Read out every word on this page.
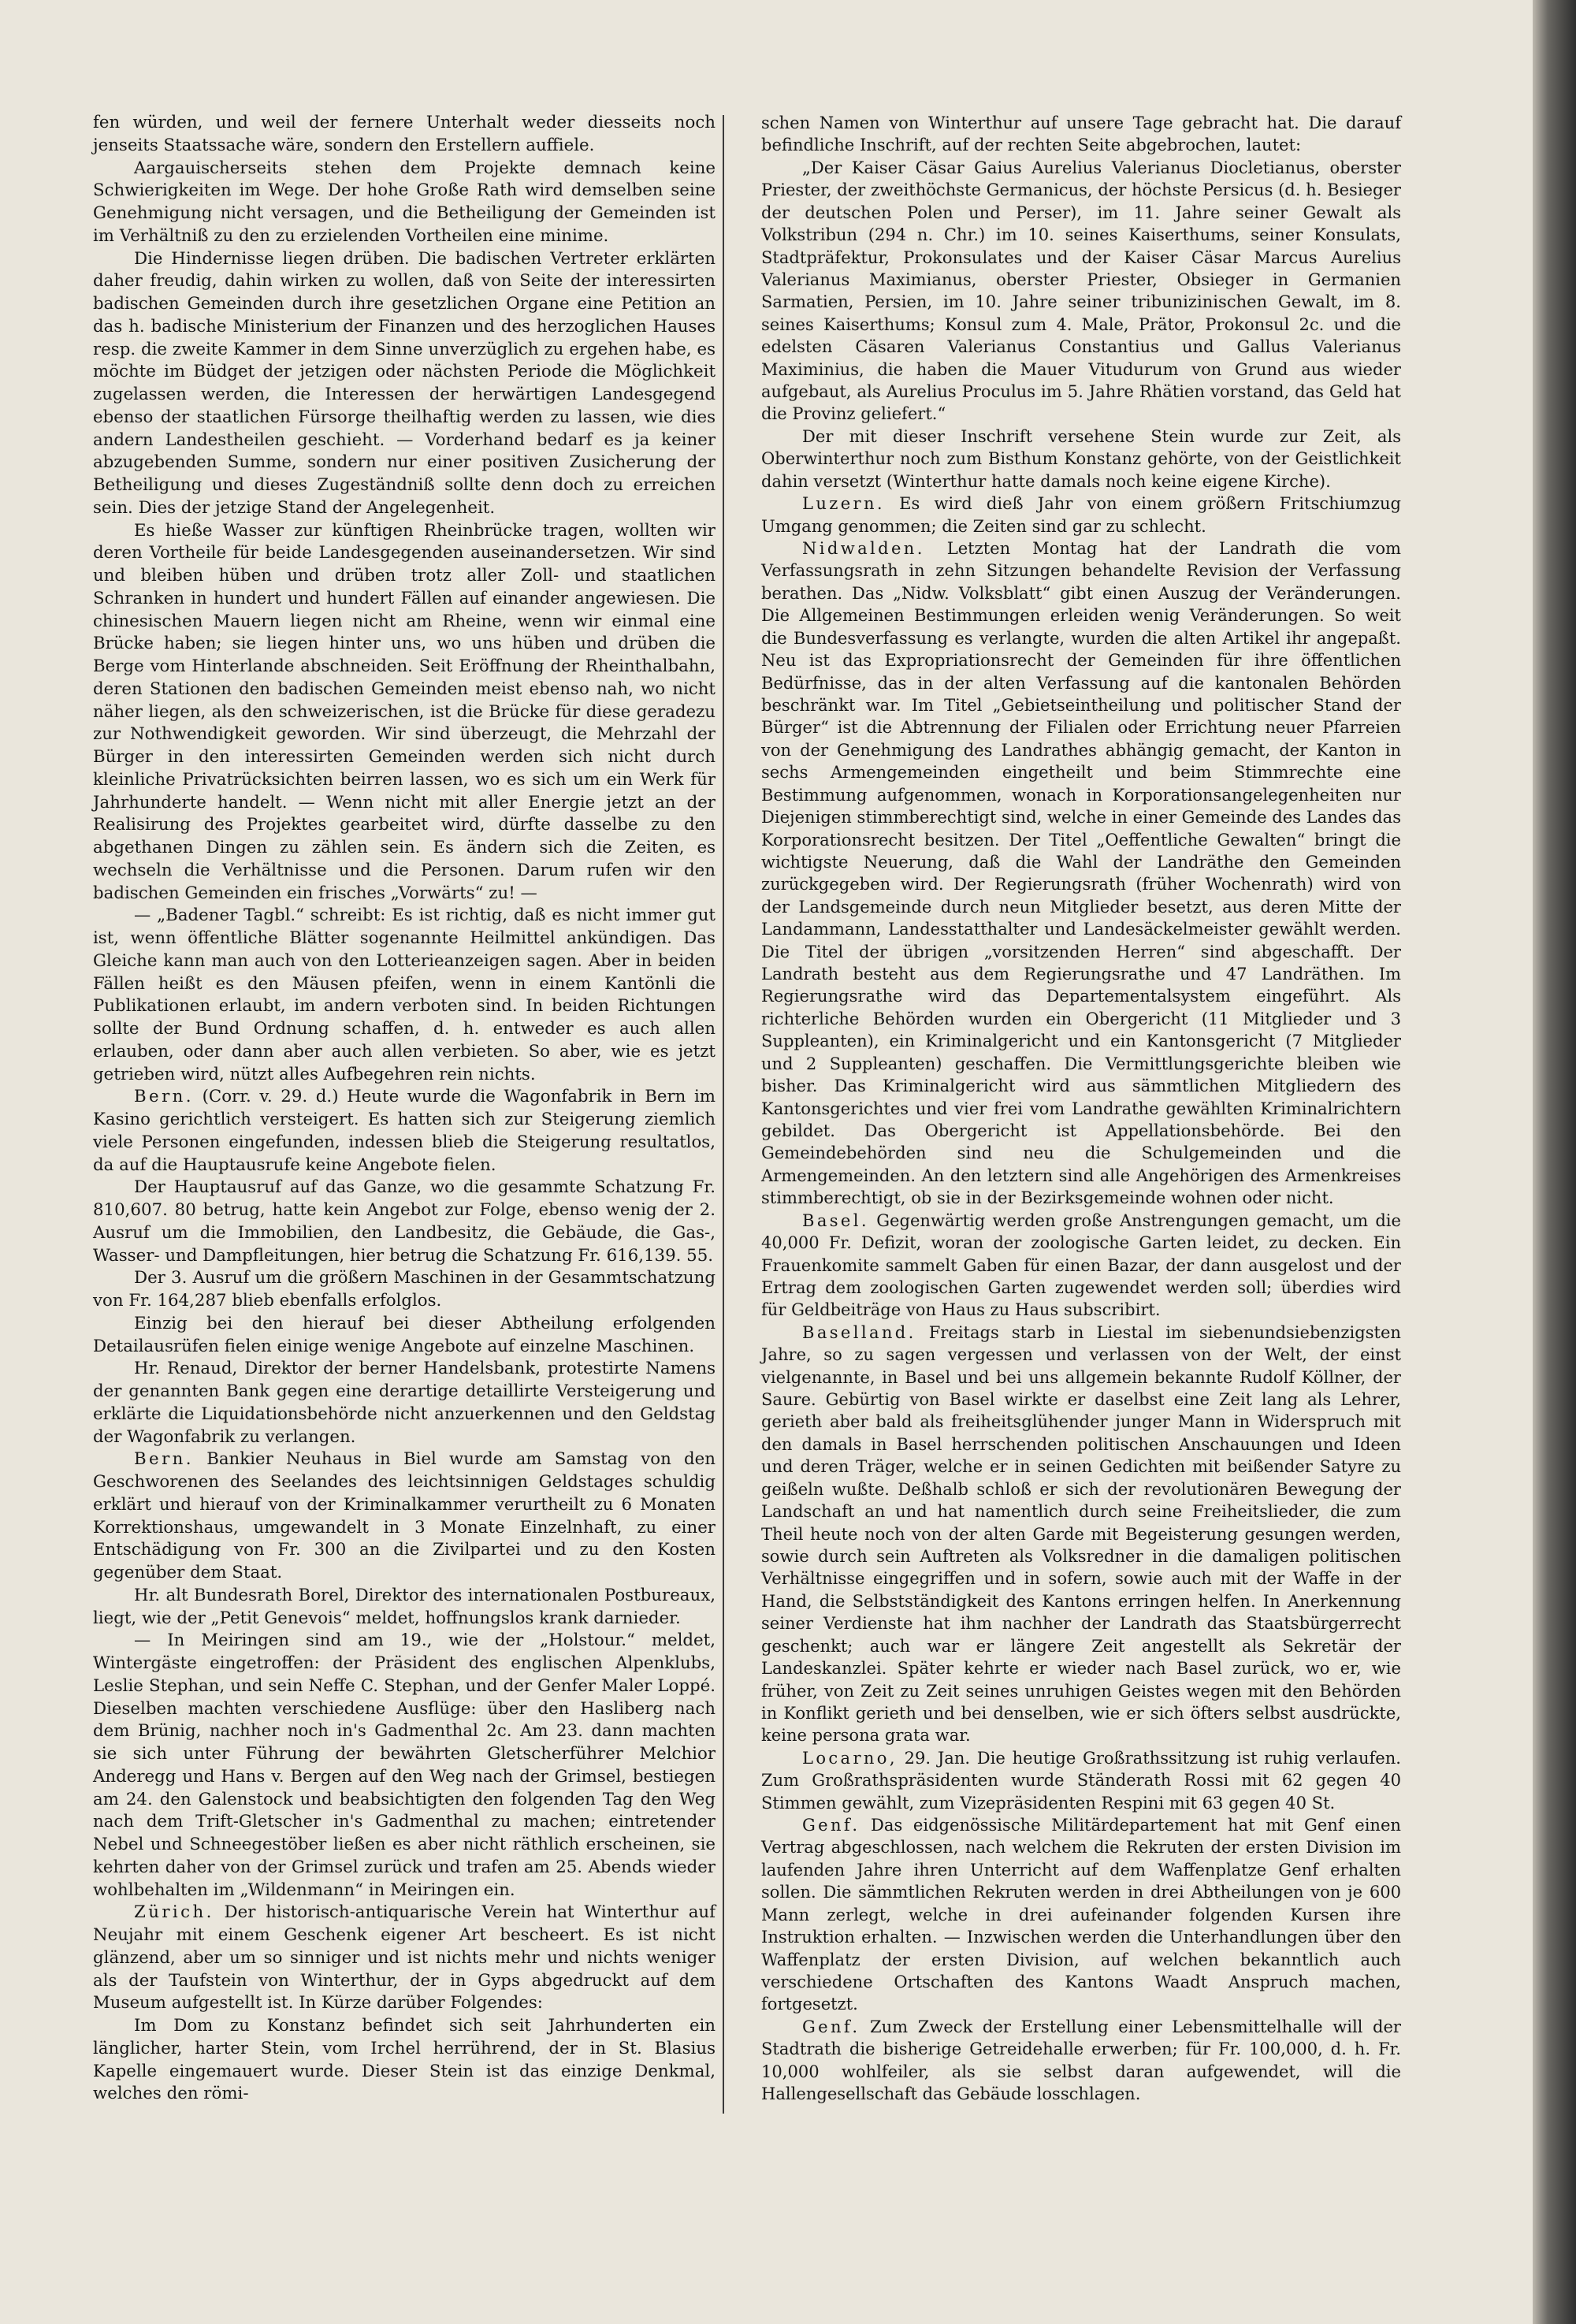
fen würden, und weil der fernere Unterhalt weder diesseits noch jenseits Staatssache wäre, sondern den Erstellern auffiele.

Aargauischerseits stehen dem Projekte demnach keine Schwierigkeiten im Wege. Der hohe Große Rath wird demselben seine Genehmigung nicht versagen, und die Betheiligung der Gemeinden ist im Verhältniß zu den zu erzielenden Vortheilen eine minime.

Die Hindernisse liegen drüben. Die badischen Vertreter erklärten daher freudig, dahin wirken zu wollen, daß von Seite der interessirten badischen Gemeinden durch ihre gesetzlichen Organe eine Petition an das h. badische Ministerium der Finanzen und des herzoglichen Hauses resp. die zweite Kammer in dem Sinne unverzüglich zu ergehen habe, es möchte im Büdget der jetzigen oder nächsten Periode die Möglichkeit zugelassen werden, die Interessen der herwärtigen Landesgegend ebenso der staatlichen Fürsorge theilhaftig werden zu lassen, wie dies andern Landestheilen geschieht. — Vorderhand bedarf es ja keiner abzugebenden Summe, sondern nur einer positiven Zusicherung der Betheiligung und dieses Zugeständniß sollte denn doch zu erreichen sein. Dies der jetzige Stand der Angelegenheit.

Es hieße Wasser zur künftigen Rheinbrücke tragen, wollten wir deren Vortheile für beide Landesgegenden auseinandersetzen. Wir sind und bleiben hüben und drüben trotz aller Zoll- und staatlichen Schranken in hundert und hundert Fällen auf einander angewiesen. Die chinesischen Mauern liegen nicht am Rheine, wenn wir einmal eine Brücke haben; sie liegen hinter uns, wo uns hüben und drüben die Berge vom Hinterlande abschneiden. Seit Eröffnung der Rheinthalbahn, deren Stationen den badischen Gemeinden meist ebenso nah, wo nicht näher liegen, als den schweizerischen, ist die Brücke für diese geradezu zur Nothwendigkeit geworden. Wir sind überzeugt, die Mehrzahl der Bürger in den interessirten Gemeinden werden sich nicht durch kleinliche Privatrücksichten beirren lassen, wo es sich um ein Werk für Jahrhunderte handelt. — Wenn nicht mit aller Energie jetzt an der Realisirung des Projektes gearbeitet wird, dürfte dasselbe zu den abgethanen Dingen zu zählen sein. Es ändern sich die Zeiten, es wechseln die Verhältnisse und die Personen. Darum rufen wir den badischen Gemeinden ein frisches „Vorwärts“ zu! —

— „Badener Tagbl.“ schreibt: Es ist richtig, daß es nicht immer gut ist, wenn öffentliche Blätter sogenannte Heilmittel ankündigen. Das Gleiche kann man auch von den Lotterieanzeigen sagen. Aber in beiden Fällen heißt es den Mäusen pfeifen, wenn in einem Kantönli die Publikationen erlaubt, im andern verboten sind. In beiden Richtungen sollte der Bund Ordnung schaffen, d. h. entweder es auch allen erlauben, oder dann aber auch allen verbieten. So aber, wie es jetzt getrieben wird, nützt alles Aufbegehren rein nichts.

Bern. (Corr. v. 29. d.) Heute wurde die Wagonfabrik in Bern im Kasino gerichtlich versteigert. Es hatten sich zur Steigerung ziemlich viele Personen eingefunden, indessen blieb die Steigerung resultatlos, da auf die Hauptausrufe keine Angebote fielen.

Der Hauptausruf auf das Ganze, wo die gesammte Schatzung Fr. 810,607. 80 betrug, hatte kein Angebot zur Folge, ebenso wenig der 2. Ausruf um die Immobilien, den Landbesitz, die Gebäude, die Gas-, Wasser- und Dampfleitungen, hier betrug die Schatzung Fr. 616,139. 55.

Der 3. Ausruf um die größern Maschinen in der Gesammtschatzung von Fr. 164,287 blieb ebenfalls erfolglos.

Einzig bei den hierauf bei dieser Abtheilung erfolgenden Detailausrüfen fielen einige wenige Angebote auf einzelne Maschinen.

Hr. Renaud, Direktor der berner Handelsbank, protestirte Namens der genannten Bank gegen eine derartige detaillirte Versteigerung und erklärte die Liquidationsbehörde nicht anzuerkennen und den Geldstag der Wagonfabrik zu verlangen.

Bern. Bankier Neuhaus in Biel wurde am Samstag von den Geschworenen des Seelandes des leichtsinnigen Geldstages schuldig erklärt und hierauf von der Kriminalkammer verurtheilt zu 6 Monaten Korrektionshaus, umgewandelt in 3 Monate Einzelnhaft, zu einer Entschädigung von Fr. 300 an die Zivilpartei und zu den Kosten gegenüber dem Staat.

Hr. alt Bundesrath Borel, Direktor des internationalen Postbureaux, liegt, wie der „Petit Genevois“ meldet, hoffnungslos krank darnieder.

— In Meiringen sind am 19., wie der „Holstour.“ meldet, Wintergäste eingetroffen: der Präsident des englischen Alpenklubs, Leslie Stephan, und sein Neffe C. Stephan, und der Genfer Maler Loppé. Dieselben machten verschiedene Ausflüge: über den Hasliberg nach dem Brünig, nachher noch in's Gadmenthal 2c. Am 23. dann machten sie sich unter Führung der bewährten Gletscherführer Melchior Anderegg und Hans v. Bergen auf den Weg nach der Grimsel, bestiegen am 24. den Galenstock und beabsichtigten den folgenden Tag den Weg nach dem Trift-Gletscher in's Gadmenthal zu machen; eintretender Nebel und Schneegestöber ließen es aber nicht räthlich erscheinen, sie kehrten daher von der Grimsel zurück und trafen am 25. Abends wieder wohlbehalten im „Wildenmann“ in Meiringen ein.

Zürich. Der historisch-antiquarische Verein hat Winterthur auf Neujahr mit einem Geschenk eigener Art bescheert. Es ist nicht glänzend, aber um so sinniger und ist nichts mehr und nichts weniger als der Taufstein von Winterthur, der in Gyps abgedruckt auf dem Museum aufgestellt ist. In Kürze darüber Folgendes:

Im Dom zu Konstanz befindet sich seit Jahrhunderten ein länglicher, harter Stein, vom Irchel herrührend, der in St. Blasius Kapelle eingemauert wurde. Dieser Stein ist das einzige Denkmal, welches den römi-

schen Namen von Winterthur auf unsere Tage gebracht hat. Die darauf befindliche Inschrift, auf der rechten Seite abgebrochen, lautet:

„Der Kaiser Cäsar Gaius Aurelius Valerianus Diocletianus, oberster Priester, der zweithöchste Germanicus, der höchste Persicus (d. h. Besieger der deutschen Polen und Perser), im 11. Jahre seiner Gewalt als Volkstribun (294 n. Chr.) im 10. seines Kaiserthums, seiner Konsulats, Stadtpräfektur, Prokonsulates und der Kaiser Cäsar Marcus Aurelius Valerianus Maximianus, oberster Priester, Obsieger in Germanien Sarmatien, Persien, im 10. Jahre seiner tribunizinischen Gewalt, im 8. seines Kaiserthums; Konsul zum 4. Male, Prätor, Prokonsul 2c. und die edelsten Cäsaren Valerianus Constantius und Gallus Valerianus Maximinius, die haben die Mauer Vitudurum von Grund aus wieder aufgebaut, als Aurelius Proculus im 5. Jahre Rhätien vorstand, das Geld hat die Provinz geliefert.“

Der mit dieser Inschrift versehene Stein wurde zur Zeit, als Oberwinterthur noch zum Bisthum Konstanz gehörte, von der Geistlichkeit dahin versetzt (Winterthur hatte damals noch keine eigene Kirche).

Luzern. Es wird dieß Jahr von einem größern Fritschiumzug Umgang genommen; die Zeiten sind gar zu schlecht.

Nidwalden. Letzten Montag hat der Landrath die vom Verfassungsrath in zehn Sitzungen behandelte Revision der Verfassung berathen. Das „Nidw. Volksblatt“ gibt einen Auszug der Veränderungen. Die Allgemeinen Bestimmungen erleiden wenig Veränderungen. So weit die Bundesverfassung es verlangte, wurden die alten Artikel ihr angepaßt. Neu ist das Expropriationsrecht der Gemeinden für ihre öffentlichen Bedürfnisse, das in der alten Verfassung auf die kantonalen Behörden beschränkt war. Im Titel „Gebietseintheilung und politischer Stand der Bürger“ ist die Abtrennung der Filialen oder Errichtung neuer Pfarreien von der Genehmigung des Landrathes abhängig gemacht, der Kanton in sechs Armengemeinden eingetheilt und beim Stimmrechte eine Bestimmung aufgenommen, wonach in Korporationsangelegenheiten nur Diejenigen stimmberechtigt sind, welche in einer Gemeinde des Landes das Korporationsrecht besitzen. Der Titel „Oeffentliche Gewalten“ bringt die wichtigste Neuerung, daß die Wahl der Landräthe den Gemeinden zurückgegeben wird. Der Regierungsrath (früher Wochenrath) wird von der Landsgemeinde durch neun Mitglieder besetzt, aus deren Mitte der Landammann, Landesstatthalter und Landesäckelmeister gewählt werden. Die Titel der übrigen „vorsitzenden Herren“ sind abgeschafft. Der Landrath besteht aus dem Regierungsrathe und 47 Landräthen. Im Regierungsrathe wird das Departementalsystem eingeführt. Als richterliche Behörden wurden ein Obergericht (11 Mitglieder und 3 Suppleanten), ein Kriminalgericht und ein Kantonsgericht (7 Mitglieder und 2 Suppleanten) geschaffen. Die Vermittlungsgerichte bleiben wie bisher. Das Kriminalgericht wird aus sämmtlichen Mitgliedern des Kantonsgerichtes und vier frei vom Landrathe gewählten Kriminalrichtern gebildet. Das Obergericht ist Appellationsbehörde. Bei den Gemeindebehörden sind neu die Schulgemeinden und die Armengemeinden. An den letztern sind alle Angehörigen des Armenkreises stimmberechtigt, ob sie in der Bezirksgemeinde wohnen oder nicht.

Basel. Gegenwärtig werden große Anstrengungen gemacht, um die 40,000 Fr. Defizit, woran der zoologische Garten leidet, zu decken. Ein Frauenkomite sammelt Gaben für einen Bazar, der dann ausgelost und der Ertrag dem zoologischen Garten zugewendet werden soll; überdies wird für Geldbeiträge von Haus zu Haus subscribirt.

Baselland. Freitags starb in Liestal im siebenundsiebenzigsten Jahre, so zu sagen vergessen und verlassen von der Welt, der einst vielgenannte, in Basel und bei uns allgemein bekannte Rudolf Köllner, der Saure. Gebürtig von Basel wirkte er daselbst eine Zeit lang als Lehrer, gerieth aber bald als freiheitsglühender junger Mann in Widerspruch mit den damals in Basel herrschenden politischen Anschauungen und Ideen und deren Träger, welche er in seinen Gedichten mit beißender Satyre zu geißeln wußte. Deßhalb schloß er sich der revolutionären Bewegung der Landschaft an und hat namentlich durch seine Freiheitslieder, die zum Theil heute noch von der alten Garde mit Begeisterung gesungen werden, sowie durch sein Auftreten als Volksredner in die damaligen politischen Verhältnisse eingegriffen und in sofern, sowie auch mit der Waffe in der Hand, die Selbstständigkeit des Kantons erringen helfen. In Anerkennung seiner Verdienste hat ihm nachher der Landrath das Staatsbürgerrecht geschenkt; auch war er längere Zeit angestellt als Sekretär der Landeskanzlei. Später kehrte er wieder nach Basel zurück, wo er, wie früher, von Zeit zu Zeit seines unruhigen Geistes wegen mit den Behörden in Konflikt gerieth und bei denselben, wie er sich öfters selbst ausdrückte, keine persona grata war.

Locarno, 29. Jan. Die heutige Großrathssitzung ist ruhig verlaufen. Zum Großrathspräsidenten wurde Ständerath Rossi mit 62 gegen 40 Stimmen gewählt, zum Vizepräsidenten Respini mit 63 gegen 40 St.

Genf. Das eidgenössische Militärdepartement hat mit Genf einen Vertrag abgeschlossen, nach welchem die Rekruten der ersten Division im laufenden Jahre ihren Unterricht auf dem Waffenplatze Genf erhalten sollen. Die sämmtlichen Rekruten werden in drei Abtheilungen von je 600 Mann zerlegt, welche in drei aufeinander folgenden Kursen ihre Instruktion erhalten. — Inzwischen werden die Unterhandlungen über den Waffenplatz der ersten Division, auf welchen bekanntlich auch verschiedene Ortschaften des Kantons Waadt Anspruch machen, fortgesetzt.

Genf. Zum Zweck der Erstellung einer Lebensmittelhalle will der Stadtrath die bisherige Getreidehalle erwerben; für Fr. 100,000, d. h. Fr. 10,000 wohlfeiler, als sie selbst daran aufgewendet, will die Hallengesellschaft das Gebäude losschlagen.
